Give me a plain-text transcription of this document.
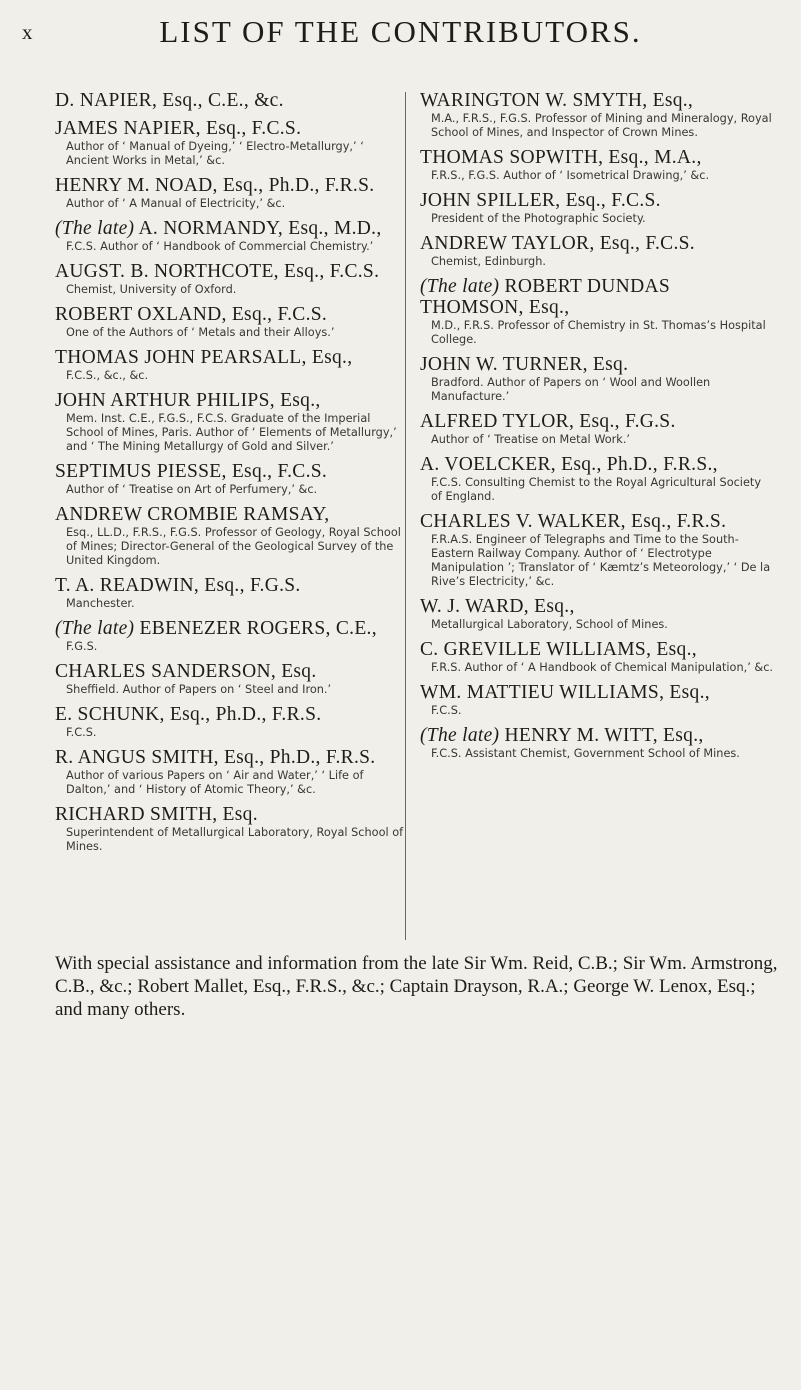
x	LIST OF THE CONTRIBUTORS.
D. NAPIER, Esq., C.E., &c.
JAMES NAPIER, Esq., F.C.S.
Author of ‘ Manual of Dyeing,’ ‘ Electro-Metallurgy,’ ‘ Ancient Works in Metal,’ &c.
HENRY M. NOAD, Esq., Ph.D., F.R.S.
Author of ‘ A Manual of Electricity,’ &c.
(The late) A. NORMANDY, Esq., M.D.,
F.C.S. Author of ‘ Handbook of Commercial Chemistry.’
AUGST. B. NORTHCOTE, Esq., F.C.S.
Chemist, University of Oxford.
ROBERT OXLAND, Esq., F.C.S.
One of the Authors of ‘ Metals and their Alloys.’
THOMAS JOHN PEARSALL, Esq.,
F.C.S., &c., &c.
JOHN ARTHUR PHILIPS, Esq.,
Mem. Inst. C.E., F.G.S., F.C.S. Graduate of the Imperial School of Mines, Paris. Author of ‘ Elements of Metallurgy,’ and ‘ The Mining Metallurgy of Gold and Silver.’
SEPTIMUS PIESSE, Esq., F.C.S.
Author of ‘ Treatise on Art of Perfumery,’ &c.
ANDREW CROMBIE RAMSAY,
Esq., LL.D., F.R.S., F.G.S. Professor of Geology, Royal School of Mines; Director-General of the Geological Survey of the United Kingdom.
T. A. READWIN, Esq., F.G.S.
Manchester.
(The late) EBENEZER ROGERS, C.E.,
F.G.S.
CHARLES SANDERSON, Esq.
Sheffield. Author of Papers on ‘ Steel and Iron.’
E. SCHUNK, Esq., Ph.D., F.R.S.
F.C.S.
R. ANGUS SMITH, Esq., Ph.D., F.R.S.
Author of various Papers on ‘ Air and Water,’ ‘ Life of Dalton,’ and ‘ History of Atomic Theory,’ &c.
RICHARD SMITH, Esq.
Superintendent of Metallurgical Laboratory, Royal School of Mines.
WARINGTON W. SMYTH, Esq.,
M.A., F.R.S., F.G.S. Professor of Mining and Mineralogy, Royal School of Mines, and Inspector of Crown Mines.
THOMAS SOPWITH, Esq., M.A.,
F.R.S., F.G.S. Author of ‘ Isometrical Drawing,’ &c.
JOHN SPILLER, Esq., F.C.S.
President of the Photographic Society.
ANDREW TAYLOR, Esq., F.C.S.
Chemist, Edinburgh.
(The late) ROBERT DUNDAS THOMSON, Esq.,
M.D., F.R.S. Professor of Chemistry in St. Thomas’s Hospital College.
JOHN W. TURNER, Esq.
Bradford. Author of Papers on ‘ Wool and Woollen Manufacture.’
ALFRED TYLOR, Esq., F.G.S.
Author of ‘ Treatise on Metal Work.’
A. VOELCKER, Esq., Ph.D., F.R.S.,
F.C.S. Consulting Chemist to the Royal Agricultural Society of England.
CHARLES V. WALKER, Esq., F.R.S.
F.R.A.S. Engineer of Telegraphs and Time to the South-Eastern Railway Company. Author of ‘ Electrotype Manipulation ’; Translator of ‘ Kæmtz’s Meteorology,’ ‘ De la Rive’s Electricity,’ &c.
W. J. WARD, Esq.,
Metallurgical Laboratory, School of Mines.
C. GREVILLE WILLIAMS, Esq.,
F.R.S. Author of ‘ A Handbook of Chemical Manipulation,’ &c.
WM. MATTIEU WILLIAMS, Esq.,
F.C.S.
(The late) HENRY M. WITT, Esq.,
F.C.S. Assistant Chemist, Government School of Mines.
With special assistance and information from the late Sir Wm. Reid, C.B.; Sir Wm. Armstrong, C.B., &c.; Robert Mallet, Esq., F.R.S., &c.; Captain Drayson, R.A.; George W. Lenox, Esq.; and many others.
